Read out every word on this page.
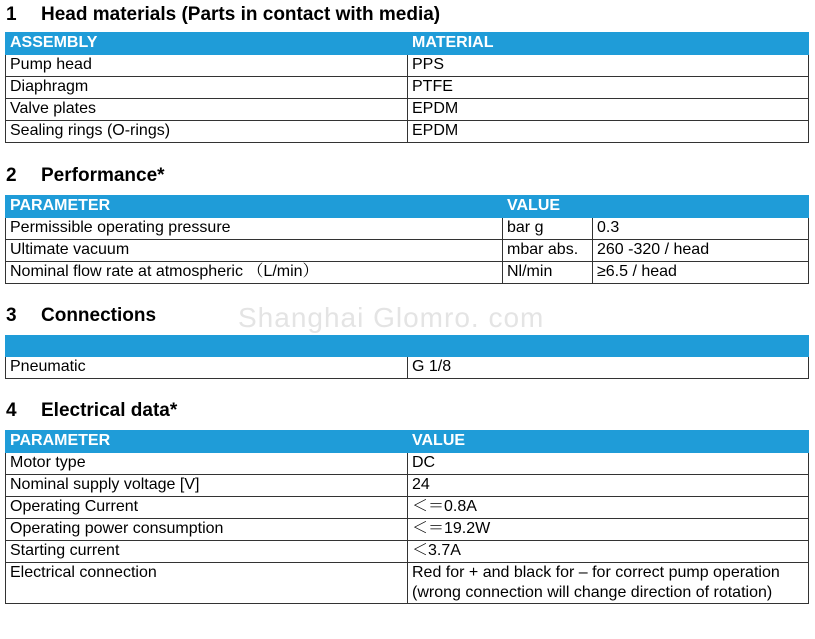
Shanghai Glomro. com
1 Head materials (Parts in contact with media)
ASSEMBLY	MATERIAL
Pump head	PPS
Diaphragm	PTFE
Valve plates	EPDM
Sealing rings (O-rings)	EPDM
2 Performance*
PARAMETER	VALUE	
Permissible operating pressure	bar g	0.3
Ultimate vacuum	mbar abs.	260 -320 / head
Nominal flow rate at atmospheric （L/min）	Nl/min	≥6.5 / head
3 Connections

Pneumatic	G 1/8
4 Electrical data*
PARAMETER	VALUE
Motor type	DC
Nominal supply voltage [V]	24
Operating Current	＜＝0.8A
Operating power consumption	＜＝19.2W
Starting current	＜3.7A
Electrical connection	Red for + and black for – for correct pump operation (wrong connection will change direction of rotation)
